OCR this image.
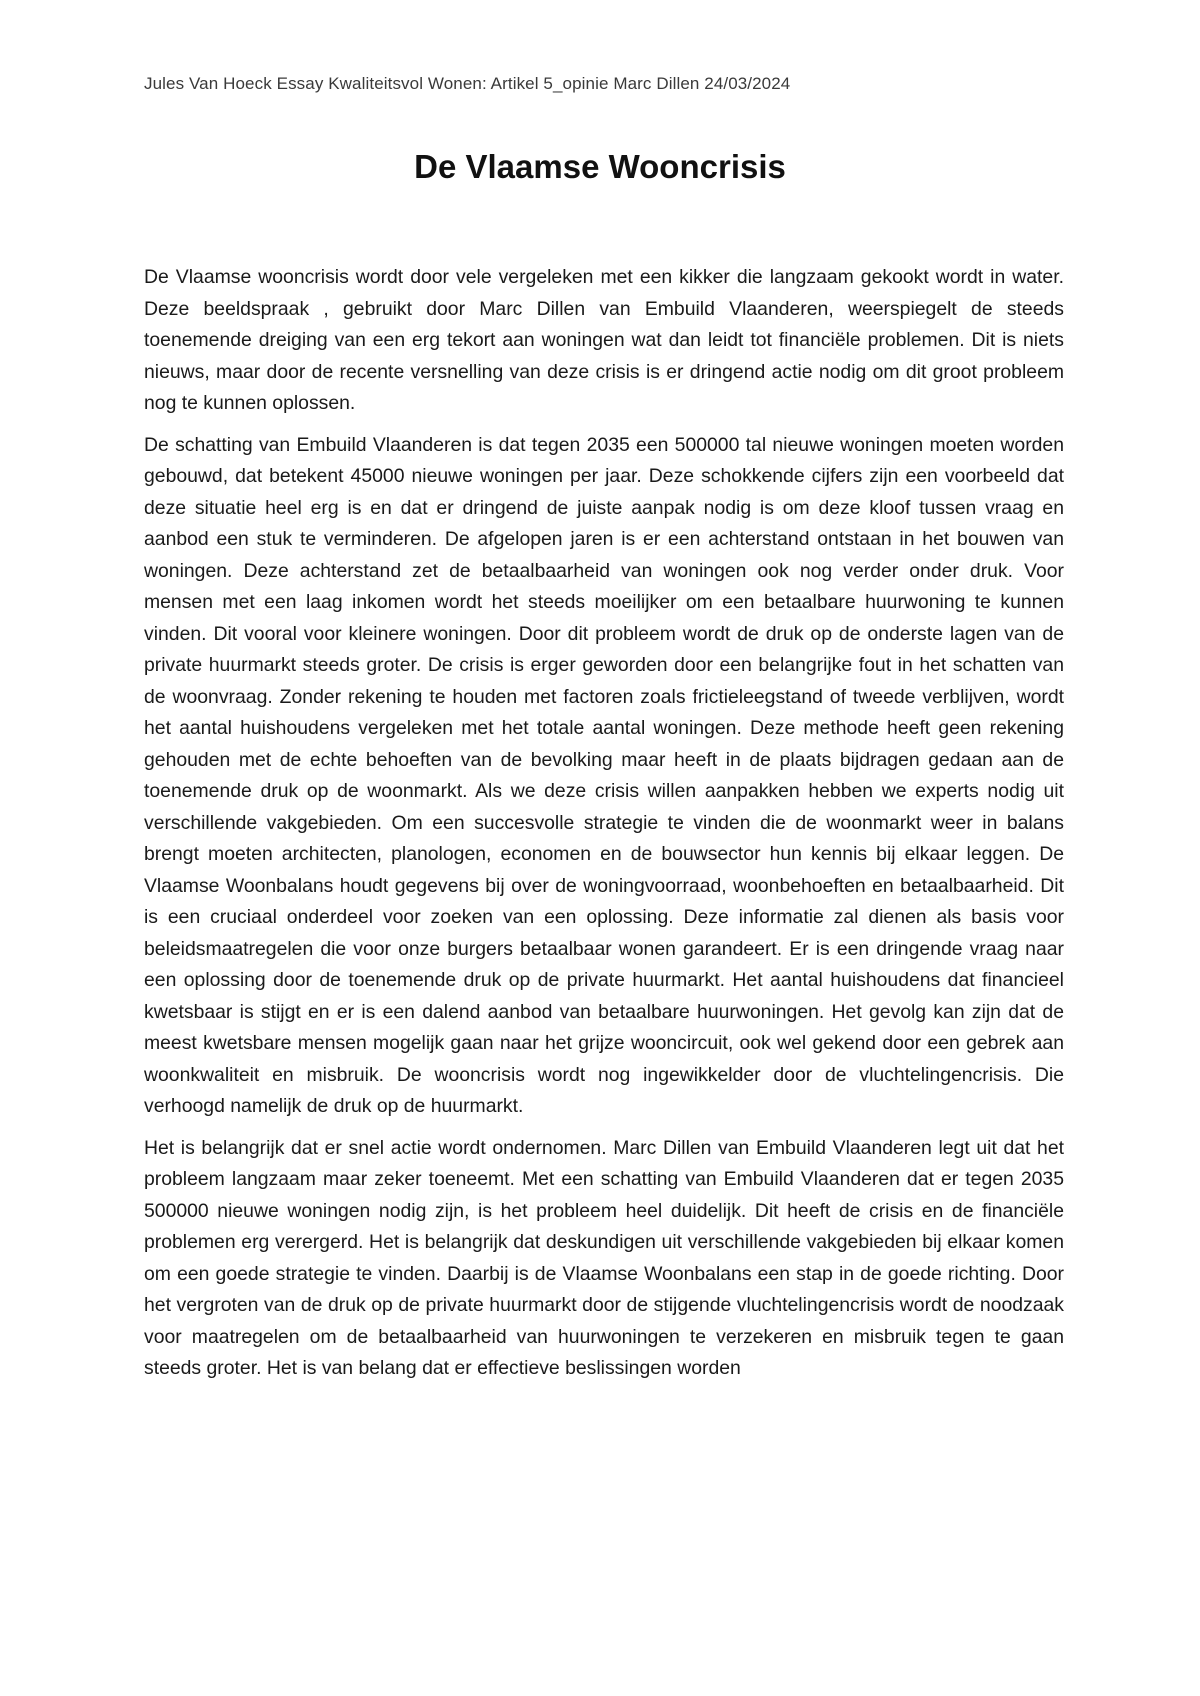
Jules Van Hoeck Essay Kwaliteitsvol Wonen: Artikel 5_opinie Marc Dillen 24/03/2024
De Vlaamse Wooncrisis

De Vlaamse wooncrisis wordt door vele vergeleken met een kikker die langzaam gekookt wordt in water. Deze beeldspraak , gebruikt door Marc Dillen van Embuild Vlaanderen, weerspiegelt de steeds toenemende dreiging van een erg tekort aan woningen wat dan leidt tot financiële problemen. Dit is niets nieuws, maar door de recente versnelling van deze crisis is er dringend actie nodig om dit groot probleem nog te kunnen oplossen.

De schatting van Embuild Vlaanderen is dat tegen 2035 een 500000 tal nieuwe woningen moeten worden gebouwd, dat betekent 45000 nieuwe woningen per jaar. Deze schokkende cijfers zijn een voorbeeld dat deze situatie heel erg is en dat er dringend de juiste aanpak nodig is om deze kloof tussen vraag en aanbod een stuk te verminderen. De afgelopen jaren is er een achterstand ontstaan in het bouwen van woningen. Deze achterstand zet de betaalbaarheid van woningen ook nog verder onder druk. Voor mensen met een laag inkomen wordt het steeds moeilijker om een betaalbare huurwoning te kunnen vinden. Dit vooral voor kleinere woningen. Door dit probleem wordt de druk op de onderste lagen van de private huurmarkt steeds groter. De crisis is erger geworden door een belangrijke fout in het schatten van de woonvraag. Zonder rekening te houden met factoren zoals frictieleegstand of tweede verblijven, wordt het aantal huishoudens vergeleken met het totale aantal woningen. Deze methode heeft geen rekening gehouden met de echte behoeften van de bevolking maar heeft in de plaats bijdragen gedaan aan de toenemende druk op de woonmarkt. Als we deze crisis willen aanpakken hebben we experts nodig uit verschillende vakgebieden. Om een succesvolle strategie te vinden die de woonmarkt weer in balans brengt moeten architecten, planologen, economen en de bouwsector hun kennis bij elkaar leggen. De Vlaamse Woonbalans houdt gegevens bij over de woningvoorraad, woonbehoeften en betaalbaarheid. Dit is een cruciaal onderdeel voor zoeken van een oplossing. Deze informatie zal dienen als basis voor beleidsmaatregelen die voor onze burgers betaalbaar wonen garandeert. Er is een dringende vraag naar een oplossing door de toenemende druk op de private huurmarkt. Het aantal huishoudens dat financieel kwetsbaar is stijgt en er is een dalend aanbod van betaalbare huurwoningen. Het gevolg kan zijn dat de meest kwetsbare mensen mogelijk gaan naar het grijze wooncircuit, ook wel gekend door een gebrek aan woonkwaliteit en misbruik. De wooncrisis wordt nog ingewikkelder door de vluchtelingencrisis. Die verhoogd namelijk de druk op de huurmarkt.

Het is belangrijk dat er snel actie wordt ondernomen. Marc Dillen van Embuild Vlaanderen legt uit dat het probleem langzaam maar zeker toeneemt. Met een schatting van Embuild Vlaanderen dat er tegen 2035 500000 nieuwe woningen nodig zijn, is het probleem heel duidelijk. Dit heeft de crisis en de financiële problemen erg verergerd. Het is belangrijk dat deskundigen uit verschillende vakgebieden bij elkaar komen om een goede strategie te vinden. Daarbij is de Vlaamse Woonbalans een stap in de goede richting. Door het vergroten van de druk op de private huurmarkt door de stijgende vluchtelingencrisis wordt de noodzaak voor maatregelen om de betaalbaarheid van huurwoningen te verzekeren en misbruik tegen te gaan steeds groter. Het is van belang dat er effectieve beslissingen worden
